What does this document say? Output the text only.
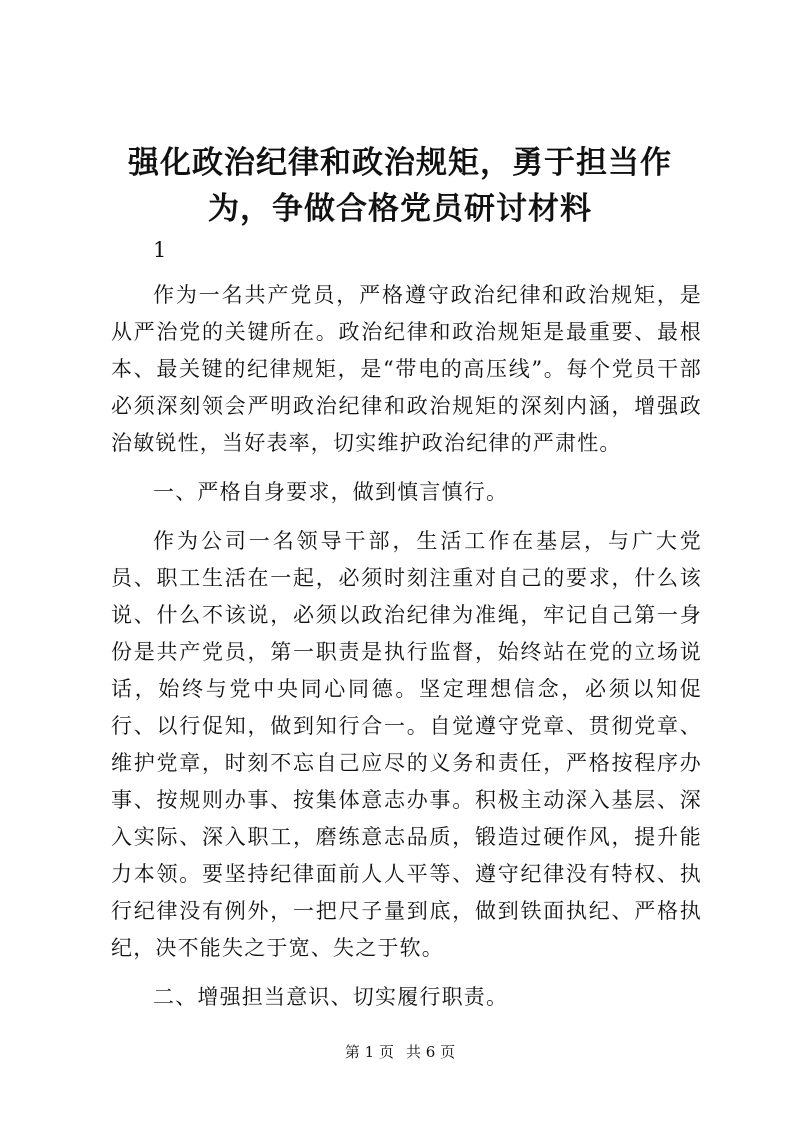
强化政治纪律和政治规矩，勇于担当作为，争做合格党员研讨材料

1

作为一名共产党员，严格遵守政治纪律和政治规矩，是从严治党的关键所在。政治纪律和政治规矩是最重要、最根本、最关键的纪律规矩，是“带电的高压线”。每个党员干部必须深刻领会严明政治纪律和政治规矩的深刻内涵，增强政治敏锐性，当好表率，切实维护政治纪律的严肃性。

一、严格自身要求，做到慎言慎行。

作为公司一名领导干部，生活工作在基层，与广大党员、职工生活在一起，必须时刻注重对自己的要求，什么该说、什么不该说，必须以政治纪律为准绳，牢记自己第一身份是共产党员，第一职责是执行监督，始终站在党的立场说话，始终与党中央同心同德。坚定理想信念，必须以知促行、以行促知，做到知行合一。自觉遵守党章、贯彻党章、维护党章，时刻不忘自己应尽的义务和责任，严格按程序办事、按规则办事、按集体意志办事。积极主动深入基层、深入实际、深入职工，磨练意志品质，锻造过硬作风，提升能力本领。要坚持纪律面前人人平等、遵守纪律没有特权、执行纪律没有例外，一把尺子量到底，做到铁面执纪、严格执纪，决不能失之于宽、失之于软。

二、增强担当意识、切实履行职责。

第 1 页 共 6 页
